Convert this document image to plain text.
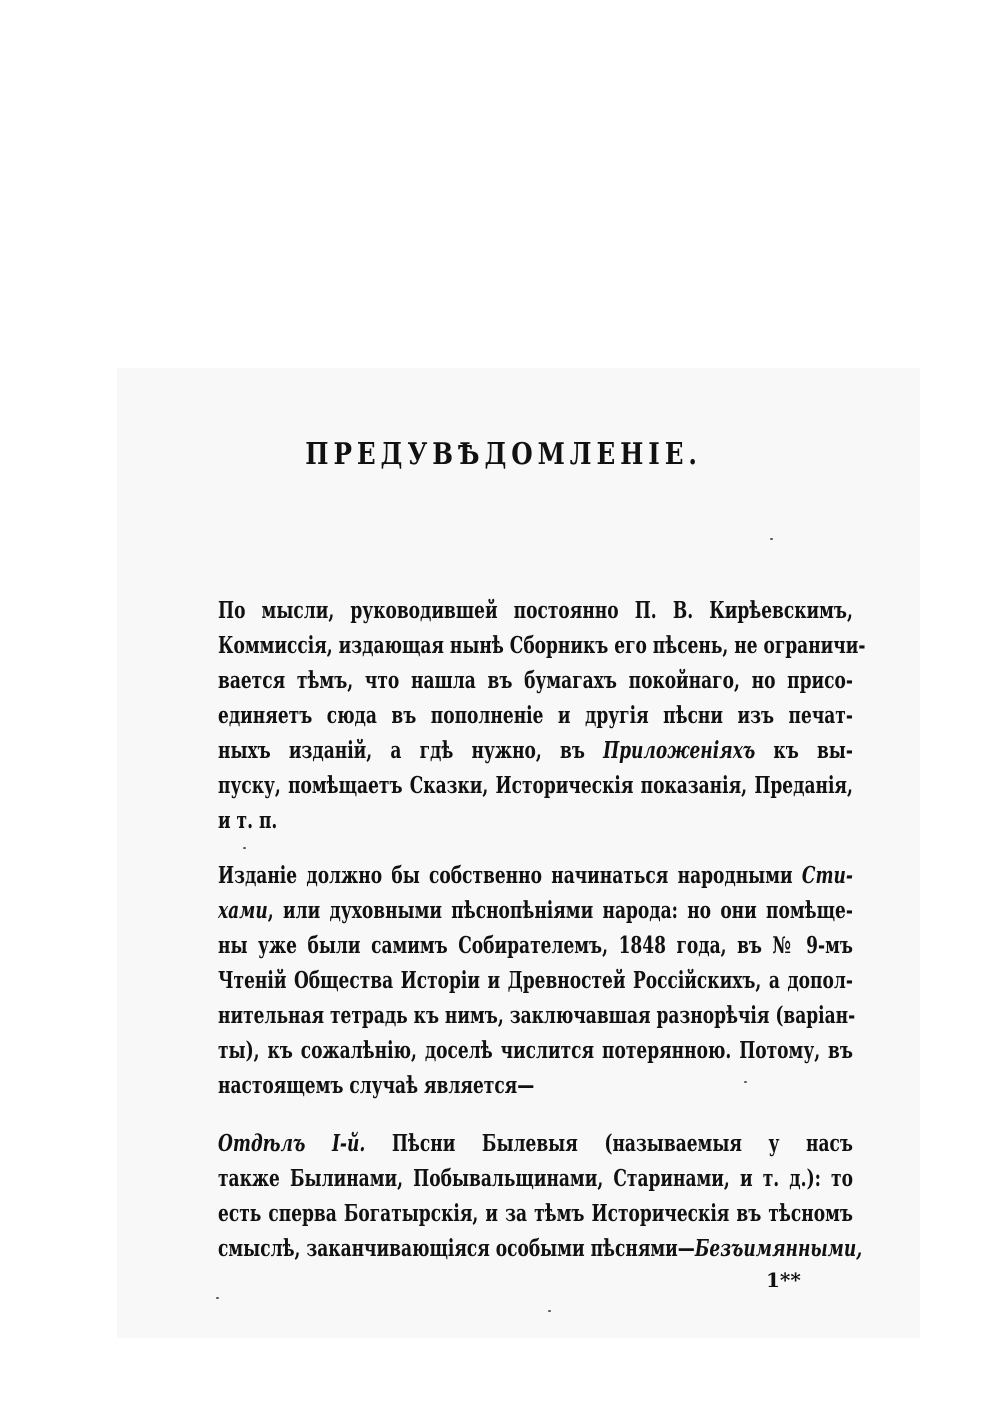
ПРЕДУВѢДОМЛЕНІЕ.
По мысли, руководившей постоянно П. В. Кирѣевскимъ,
Коммиссія, издающая нынѣ Сборникъ его пѣсень, не ограничи-
вается тѣмъ, что нашла въ бумагахъ покойнаго, но присо-
единяетъ сюда въ пополненіе и другія пѣсни изъ печат-
ныхъ изданій, а гдѣ нужно, въ Приложеніяхъ къ вы-
пуску, помѣщаетъ Сказки, Историческія показанія, Преданія,
и т. п.
Изданіе должно бы собственно начинаться народными Сти-
хами, или духовными пѣснопѣніями народа: но они помѣще-
ны уже были самимъ Собирателемъ, 1848 года, въ № 9-мъ
Чтеній Общества Исторіи и Древностей Россійскихъ, а допол-
нительная тетрадь къ нимъ, заключавшая разнорѣчія (варіан-
ты), къ сожалѣнію, доселѣ числится потерянною. Потому, въ
настоящемъ случаѣ является—
Отдѣлъ I-й. Пѣсни Былевыя (называемыя у насъ
также Былинами, Побывальщинами, Старинами, и т. д.): то
есть сперва Богатырскія, и за тѣмъ Историческія въ тѣсномъ
смыслѣ, заканчивающіяся особыми пѣснями—Безъимянными,

1**
